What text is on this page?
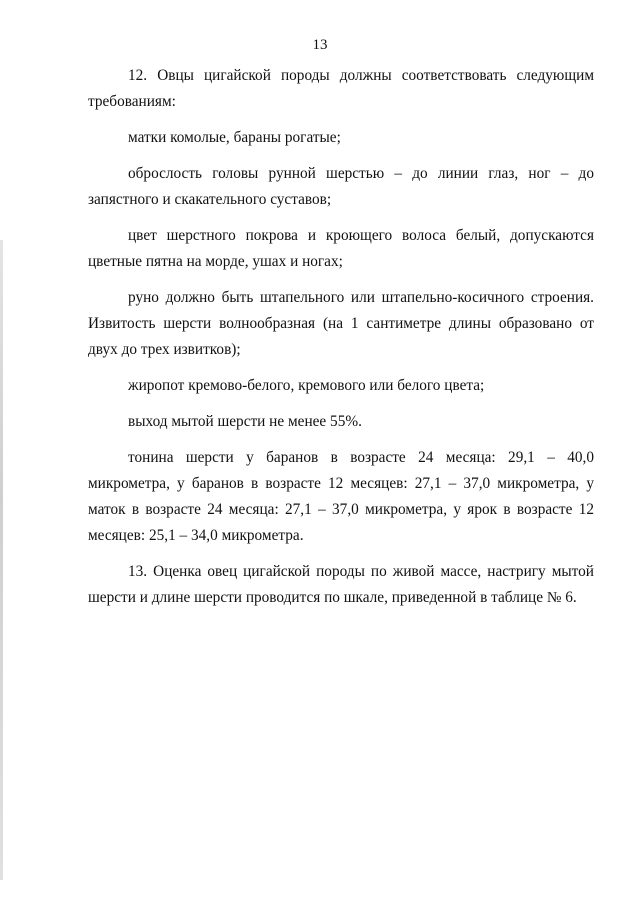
13

12. Овцы цигайской породы должны соответствовать следующим требованиям:

матки комолые, бараны рогатые;

оброслость головы рунной шерстью – до линии глаз, ног – до запястного и скакательного суставов;

цвет шерстного покрова и кроющего волоса белый, допускаются цветные пятна на морде, ушах и ногах;

руно должно быть штапельного или штапельно-косичного строения. Извитость шерсти волнообразная (на 1 сантиметре длины образовано от двух до трех извитков);

жиропот кремово-белого, кремового или белого цвета;

выход мытой шерсти не менее 55%.

тонина шерсти у баранов в возрасте 24 месяца: 29,1 – 40,0 микрометра, у баранов в возрасте 12 месяцев: 27,1 – 37,0 микрометра, у маток в возрасте 24 месяца: 27,1 – 37,0 микрометра, у ярок в возрасте 12 месяцев: 25,1 – 34,0 микрометра.

13. Оценка овец цигайской породы по живой массе, настригу мытой шерсти и длине шерсти проводится по шкале, приведенной в таблице № 6.
